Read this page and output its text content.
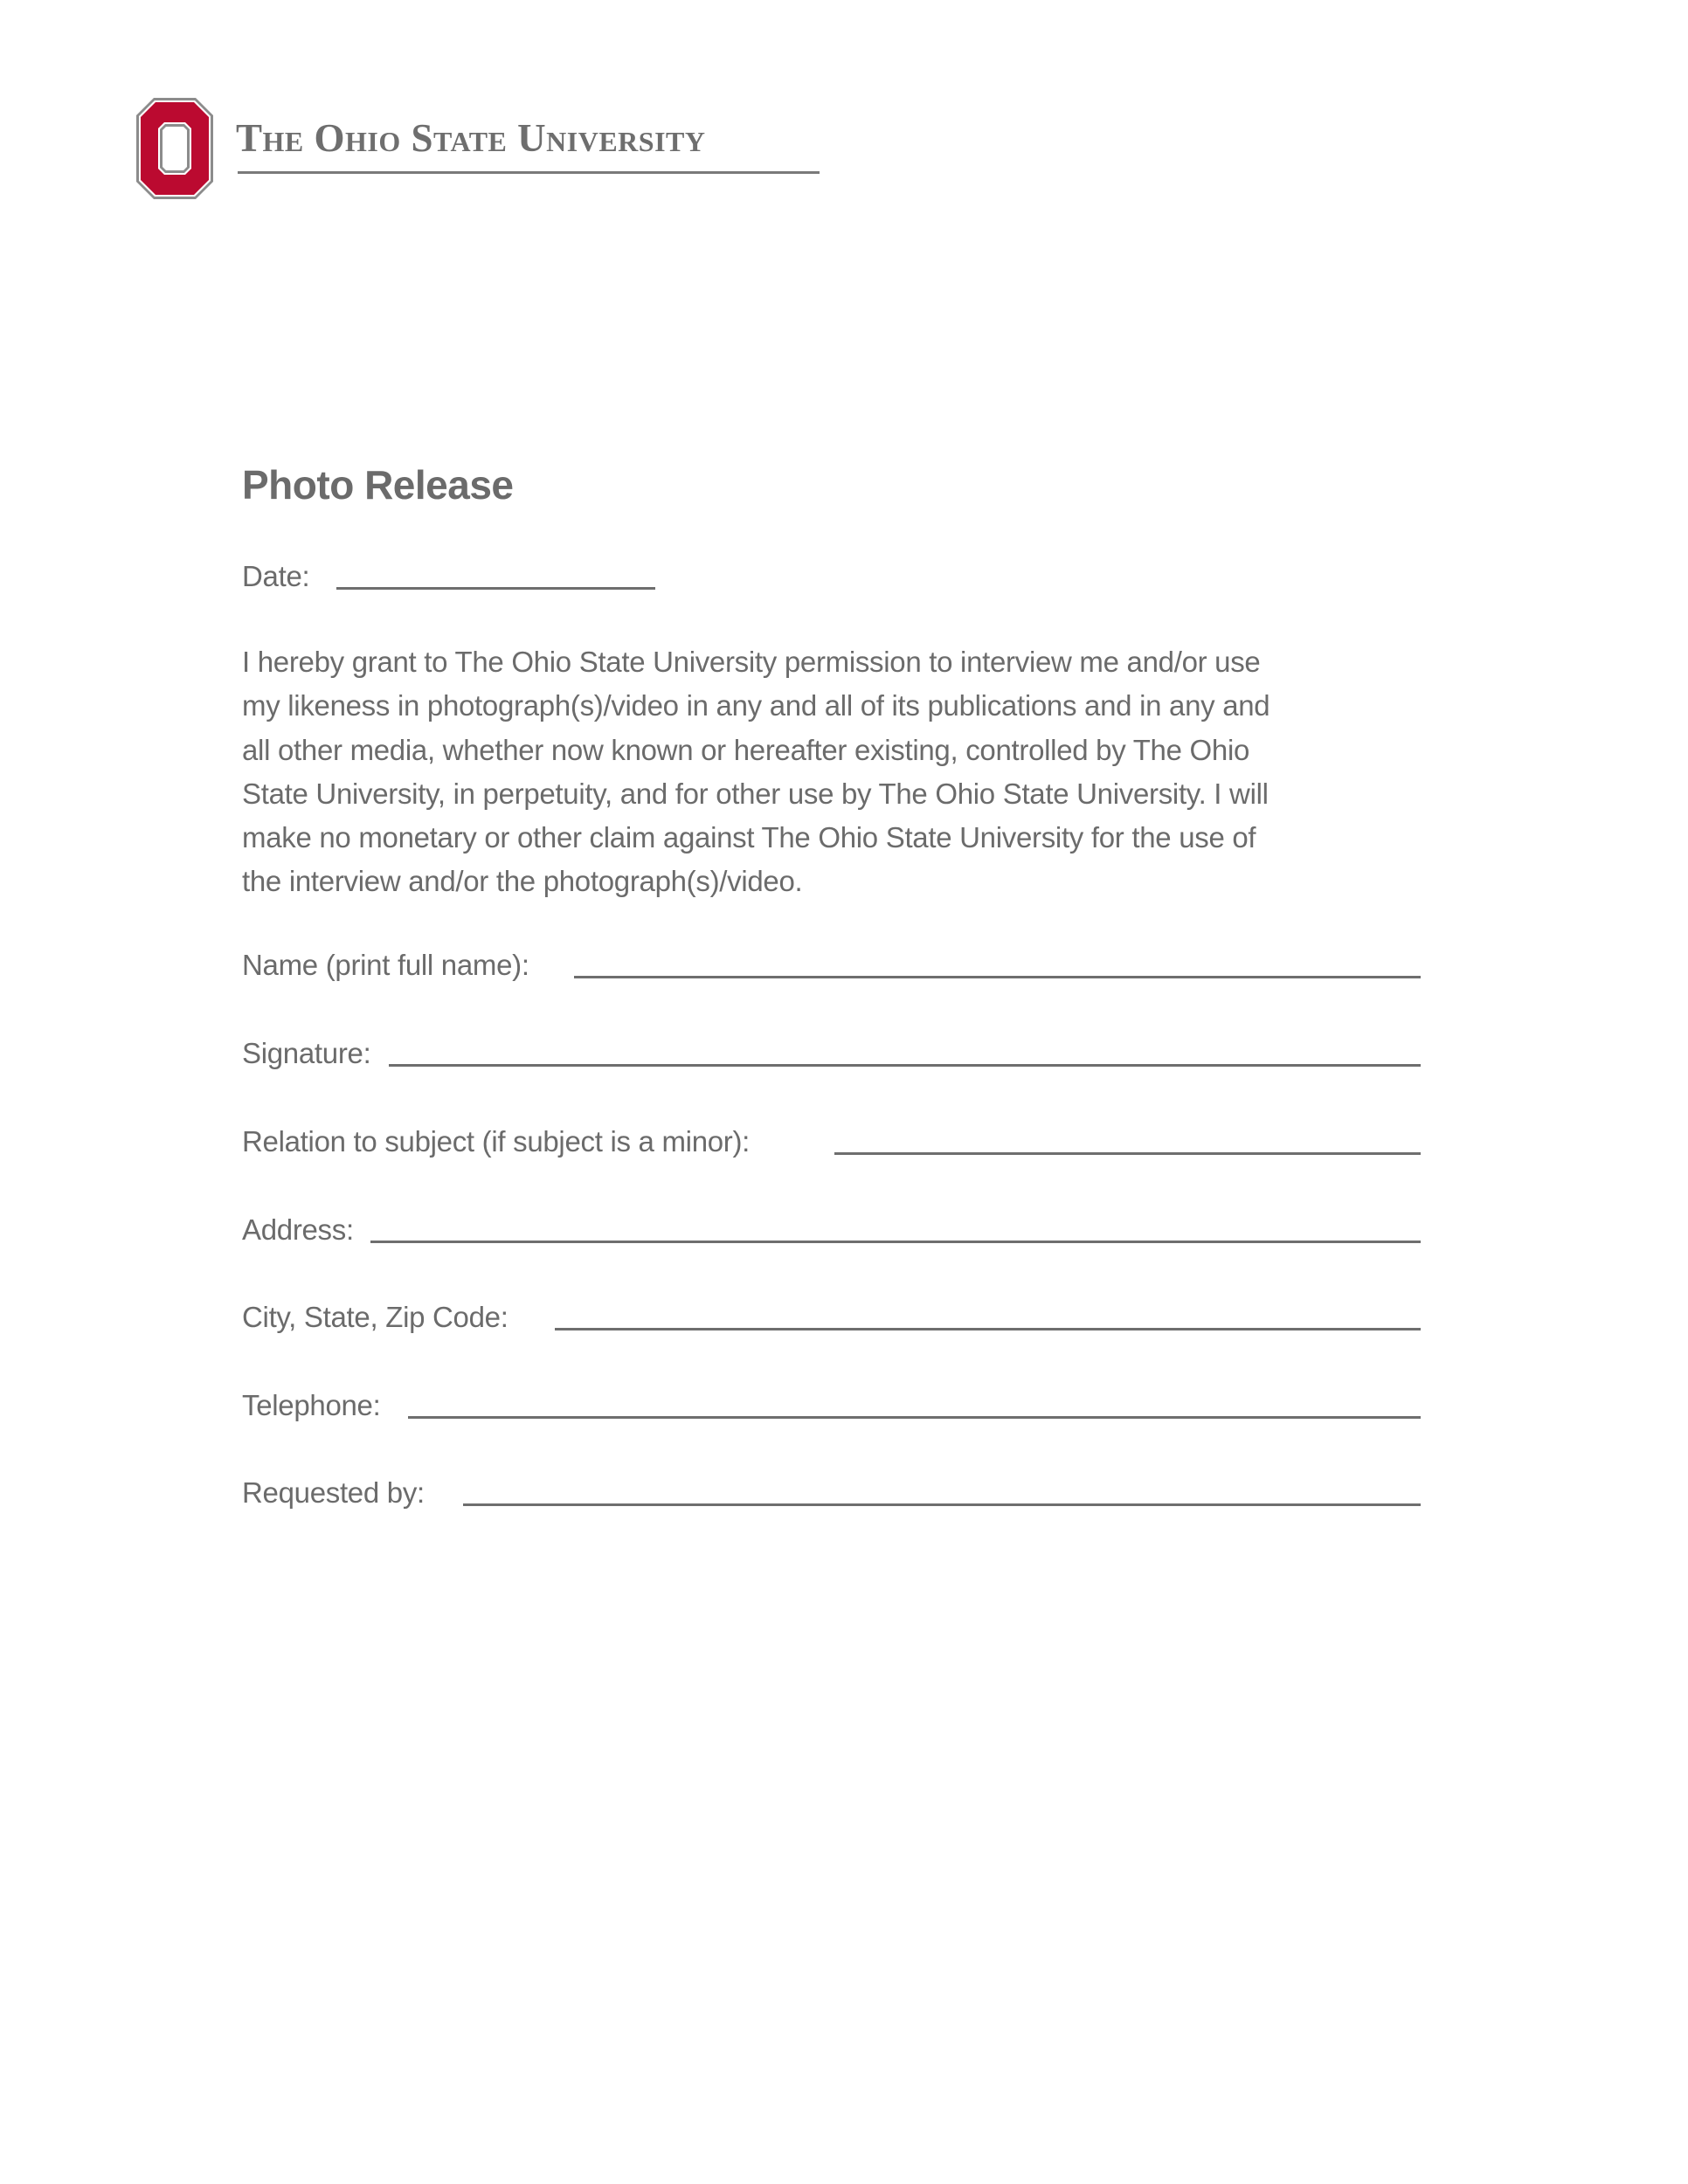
The Ohio State University
Photo Release
Date:
I hereby grant to The Ohio State University permission to interview me and/or use
my likeness in photograph(s)/video in any and all of its publications and in any and
all other media, whether now known or hereafter existing, controlled by The Ohio
State University, in perpetuity, and for other use by The Ohio State University. I will
make no monetary or other claim against The Ohio State University for the use of
the interview and/or the photograph(s)/video.
Name (print full name):
Signature:
Relation to subject (if subject is a minor):
Address:
City, State, Zip Code:
Telephone:
Requested by:
